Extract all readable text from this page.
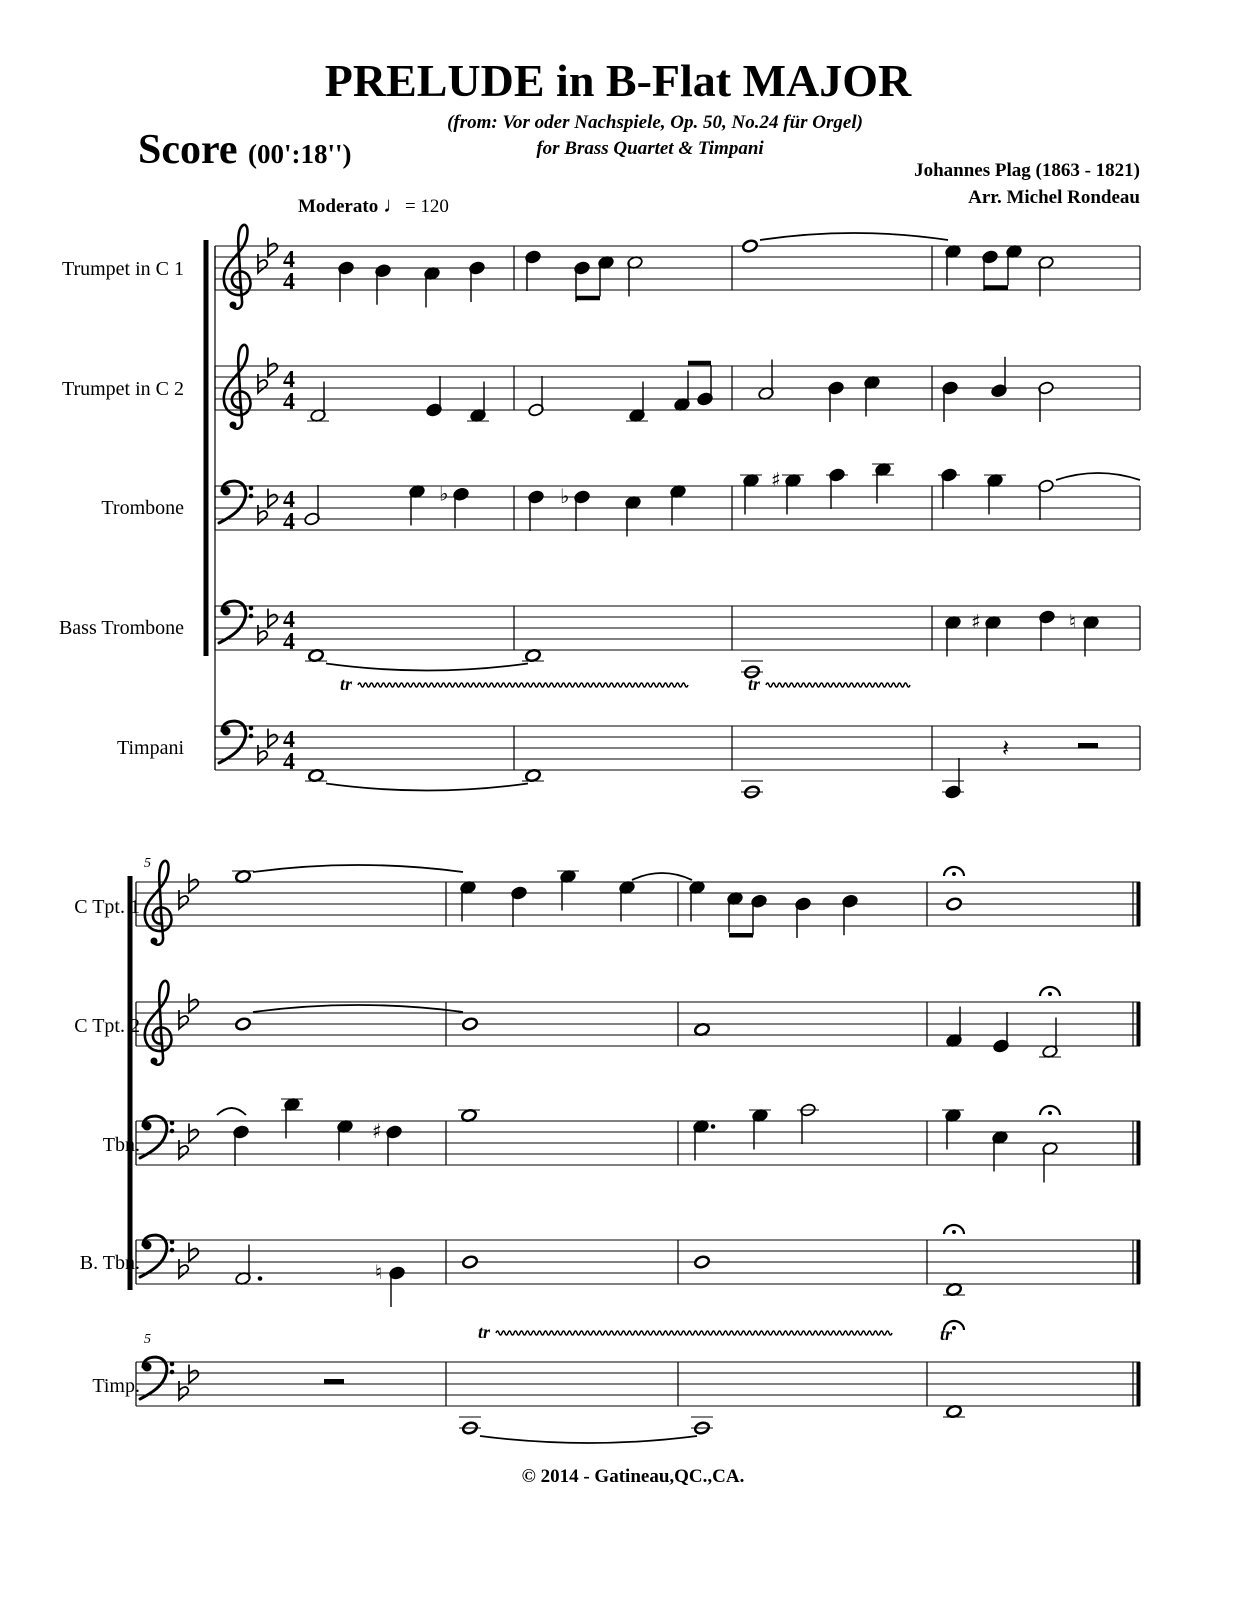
PRELUDE in B-Flat MAJOR
(from: Vor oder Nachspiele, Op. 50, No.24 für Orgel)
for Brass Quartet & Timpani
Score (00':18'')
Johannes Plag (1863 - 1821)
Arr. Michel Rondeau
Moderato ♩= 120
Trumpet in C 1
Trumpet in C 2
Trombone
Bass Trombone
Timpani
C Tpt. 1
C Tpt. 2
Tbn.
B. Tbn.
Timp.
4
4
4
4
4
4
4
4
4
4
♭	♭
♯
♯	♮
tr	tr
𝄽
♯
♮
tr	tr
5
5
© 2014 - Gatineau,QC.,CA.
